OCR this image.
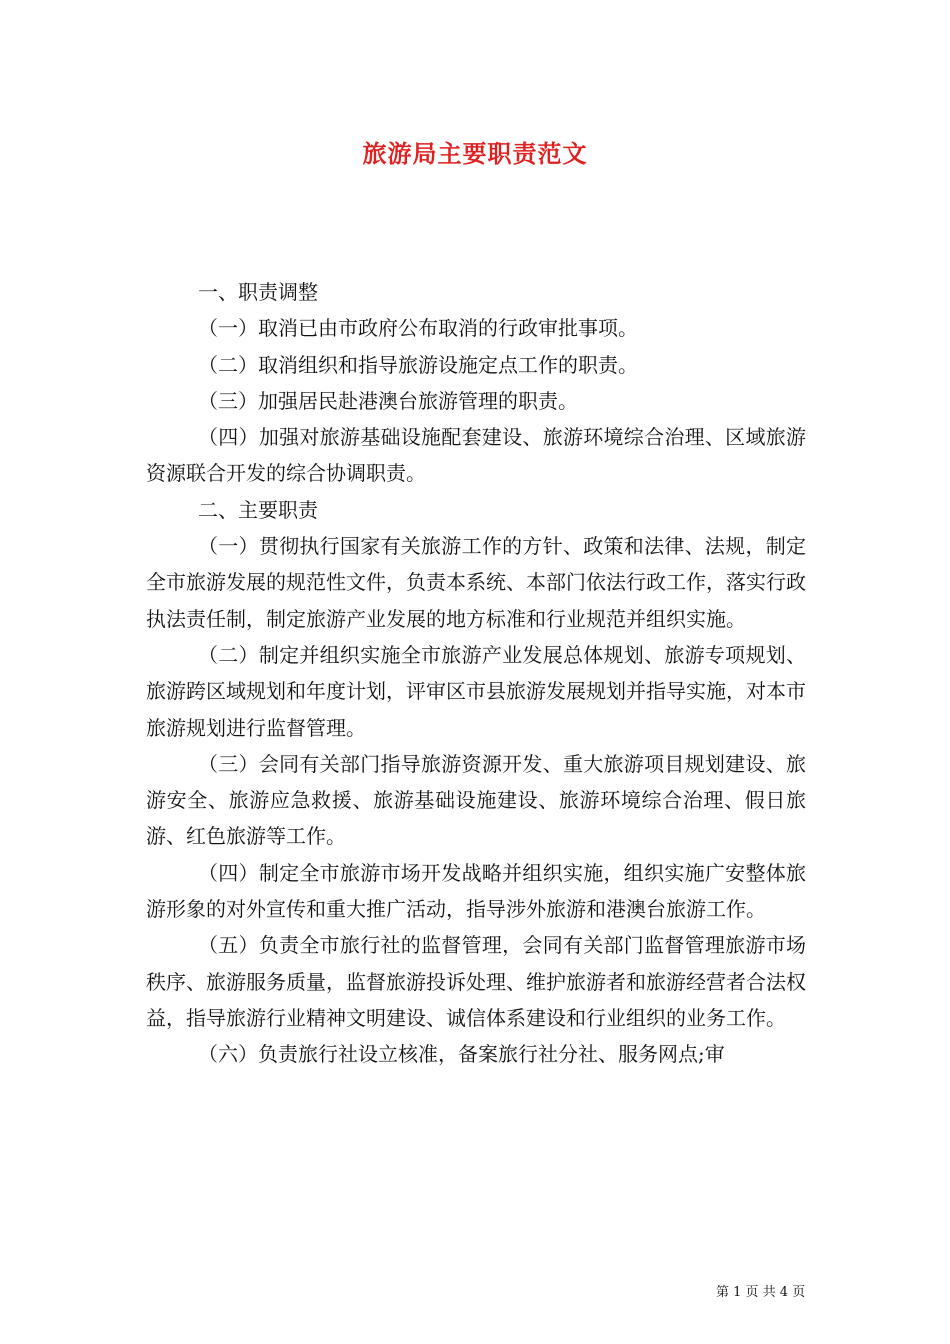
旅游局主要职责范文

一、职责调整

（一）取消已由市政府公布取消的行政审批事项。

（二）取消组织和指导旅游设施定点工作的职责。

（三）加强居民赴港澳台旅游管理的职责。

（四）加强对旅游基础设施配套建设、旅游环境综合治理、区域旅游资源联合开发的综合协调职责。

二、主要职责

（一）贯彻执行国家有关旅游工作的方针、政策和法律、法规，制定全市旅游发展的规范性文件，负责本系统、本部门依法行政工作，落实行政执法责任制，制定旅游产业发展的地方标准和行业规范并组织实施。

（二）制定并组织实施全市旅游产业发展总体规划、旅游专项规划、旅游跨区域规划和年度计划，评审区市县旅游发展规划并指导实施，对本市旅游规划进行监督管理。

（三）会同有关部门指导旅游资源开发、重大旅游项目规划建设、旅游安全、旅游应急救援、旅游基础设施建设、旅游环境综合治理、假日旅游、红色旅游等工作。

（四）制定全市旅游市场开发战略并组织实施，组织实施广安整体旅游形象的对外宣传和重大推广活动，指导涉外旅游和港澳台旅游工作。

（五）负责全市旅行社的监督管理，会同有关部门监督管理旅游市场秩序、旅游服务质量，监督旅游投诉处理、维护旅游者和旅游经营者合法权益，指导旅游行业精神文明建设、诚信体系建设和行业组织的业务工作。

（六）负责旅行社设立核准，备案旅行社分社、服务网点;审

第 1 页 共 4 页
